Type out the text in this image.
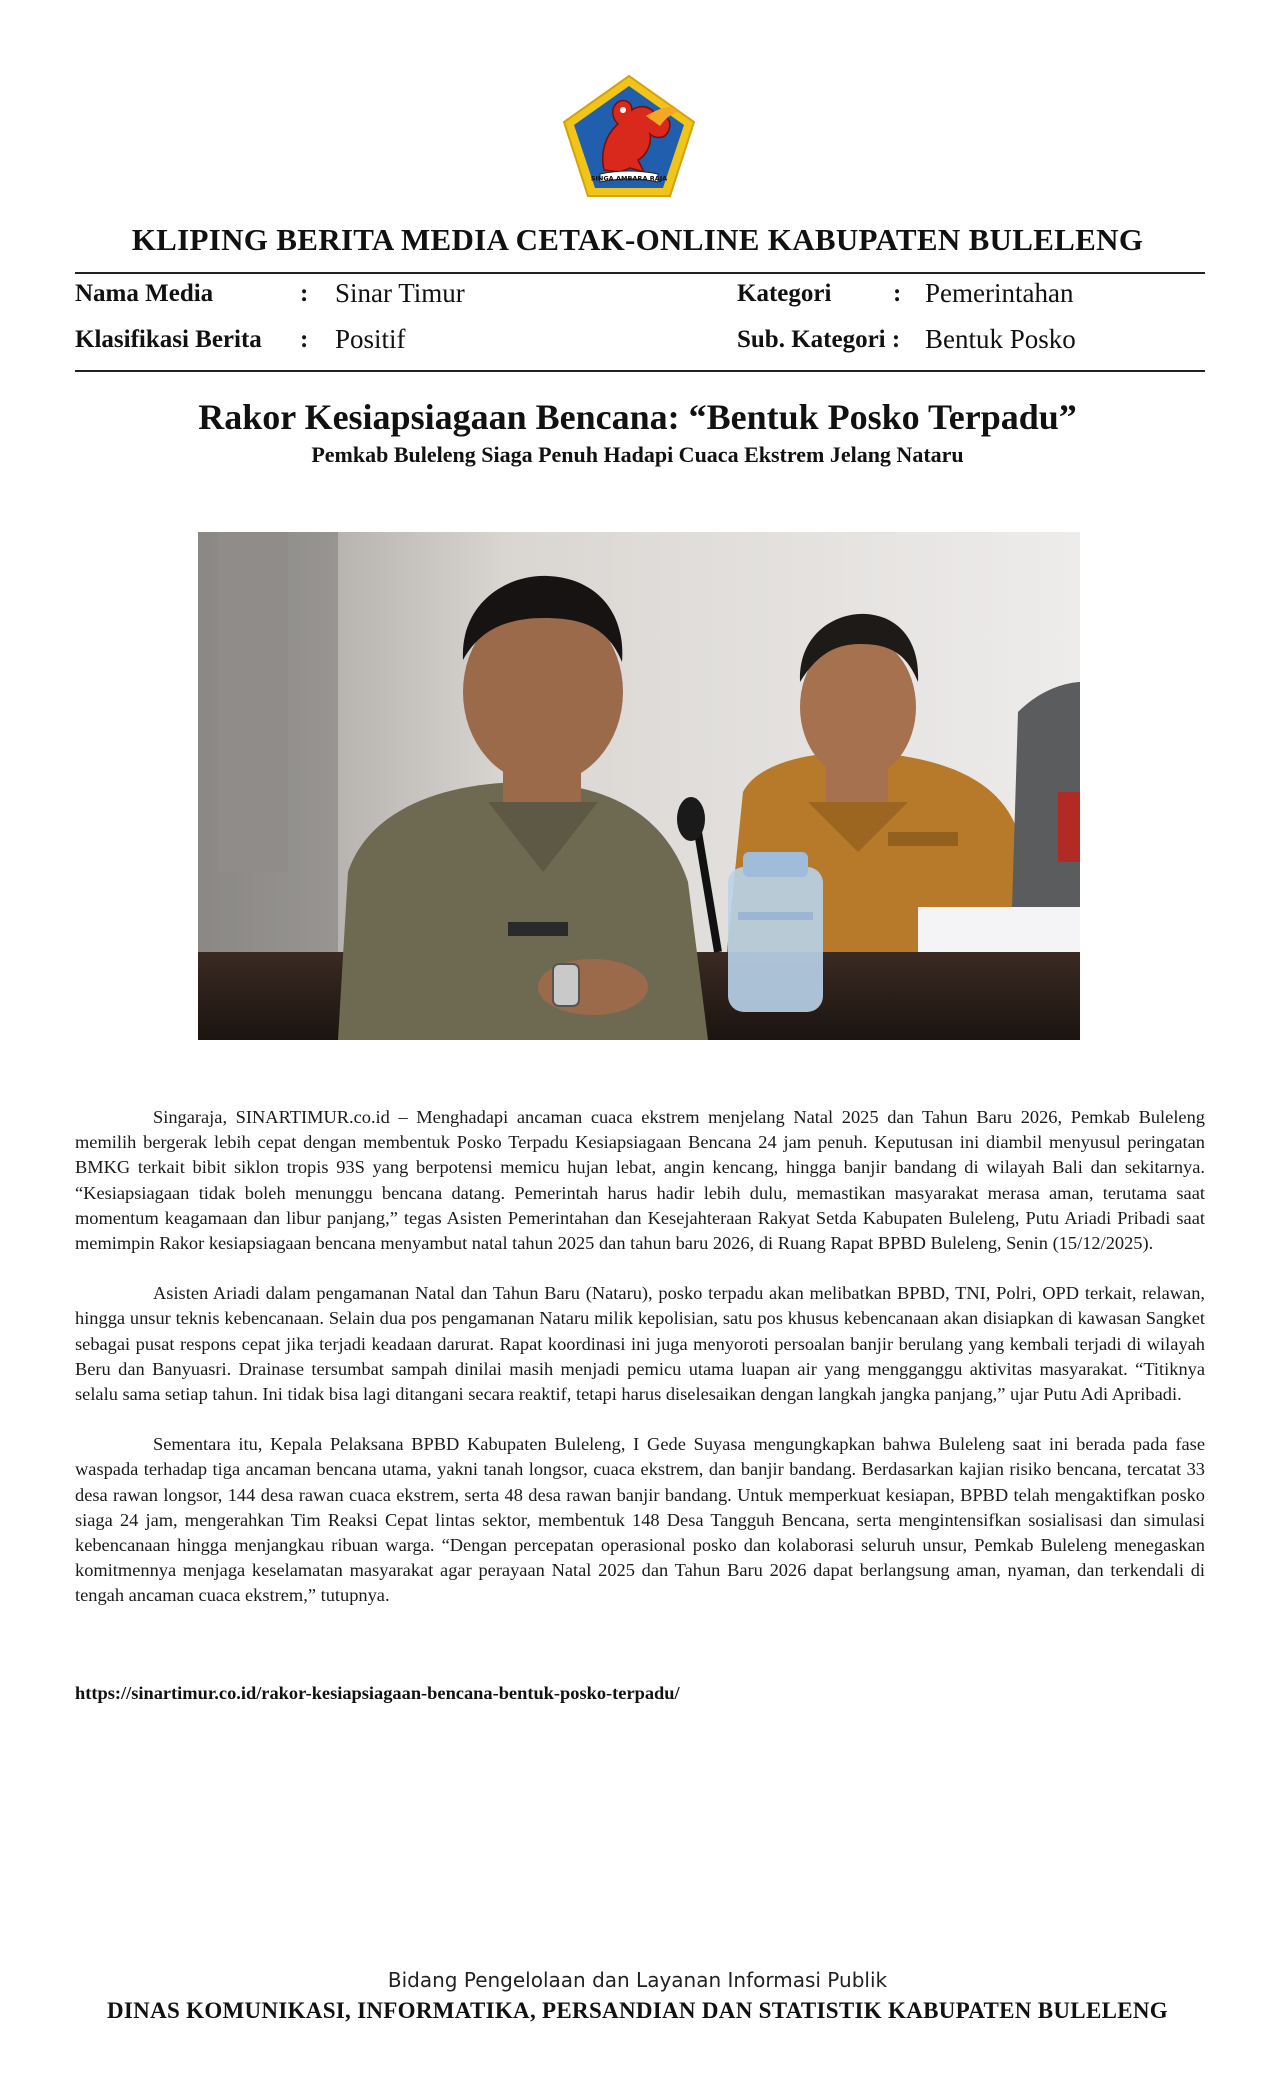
SINGA AMBARA RAJA
KLIPING BERITA MEDIA CETAK-ONLINE KABUPATEN BULELENG
Nama Media	: Sinar Timur
Klasifikasi Berita : Positif
Kategori : Pemerintahan
Sub. Kategori : Bentuk Posko
Rakor Kesiapsiagaan Bencana: “Bentuk Posko Terpadu”
Pemkab Buleleng Siaga Penuh Hadapi Cuaca Ekstrem Jelang Nataru

Singaraja, SINARTIMUR.co.id – Menghadapi ancaman cuaca ekstrem menjelang Natal 2025 dan Tahun Baru 2026, Pemkab Buleleng memilih bergerak lebih cepat dengan membentuk Posko Terpadu Kesiapsiagaan Bencana 24 jam penuh. Keputusan ini diambil menyusul peringatan BMKG terkait bibit siklon tropis 93S yang berpotensi memicu hujan lebat, angin kencang, hingga banjir bandang di wilayah Bali dan sekitarnya. “Kesiapsiagaan tidak boleh menunggu bencana datang. Pemerintah harus hadir lebih dulu, memastikan masyarakat merasa aman, terutama saat momentum keagamaan dan libur panjang,” tegas Asisten Pemerintahan dan Kesejahteraan Rakyat Setda Kabupaten Buleleng, Putu Ariadi Pribadi saat memimpin Rakor kesiapsiagaan bencana menyambut natal tahun 2025 dan tahun baru 2026, di Ruang Rapat BPBD Buleleng, Senin (15/12/2025).

Asisten Ariadi dalam pengamanan Natal dan Tahun Baru (Nataru), posko terpadu akan melibatkan BPBD, TNI, Polri, OPD terkait, relawan, hingga unsur teknis kebencanaan. Selain dua pos pengamanan Nataru milik kepolisian, satu pos khusus kebencanaan akan disiapkan di kawasan Sangket sebagai pusat respons cepat jika terjadi keadaan darurat. Rapat koordinasi ini juga menyoroti persoalan banjir berulang yang kembali terjadi di wilayah Beru dan Banyuasri. Drainase tersumbat sampah dinilai masih menjadi pemicu utama luapan air yang mengganggu aktivitas masyarakat. “Titiknya selalu sama setiap tahun. Ini tidak bisa lagi ditangani secara reaktif, tetapi harus diselesaikan dengan langkah jangka panjang,” ujar Putu Adi Apribadi.

Sementara itu, Kepala Pelaksana BPBD Kabupaten Buleleng, I Gede Suyasa mengungkapkan bahwa Buleleng saat ini berada pada fase waspada terhadap tiga ancaman bencana utama, yakni tanah longsor, cuaca ekstrem, dan banjir bandang. Berdasarkan kajian risiko bencana, tercatat 33 desa rawan longsor, 144 desa rawan cuaca ekstrem, serta 48 desa rawan banjir bandang. Untuk memperkuat kesiapan, BPBD telah mengaktifkan posko siaga 24 jam, mengerahkan Tim Reaksi Cepat lintas sektor, membentuk 148 Desa Tangguh Bencana, serta mengintensifkan sosialisasi dan simulasi kebencanaan hingga menjangkau ribuan warga. “Dengan percepatan operasional posko dan kolaborasi seluruh unsur, Pemkab Buleleng menegaskan komitmennya menjaga keselamatan masyarakat agar perayaan Natal 2025 dan Tahun Baru 2026 dapat berlangsung aman, nyaman, dan terkendali di tengah ancaman cuaca ekstrem,” tutupnya.

https://sinartimur.co.id/rakor-kesiapsiagaan-bencana-bentuk-posko-terpadu/
Bidang Pengelolaan dan Layanan Informasi Publik
DINAS KOMUNIKASI, INFORMATIKA, PERSANDIAN DAN STATISTIK KABUPATEN BULELENG
